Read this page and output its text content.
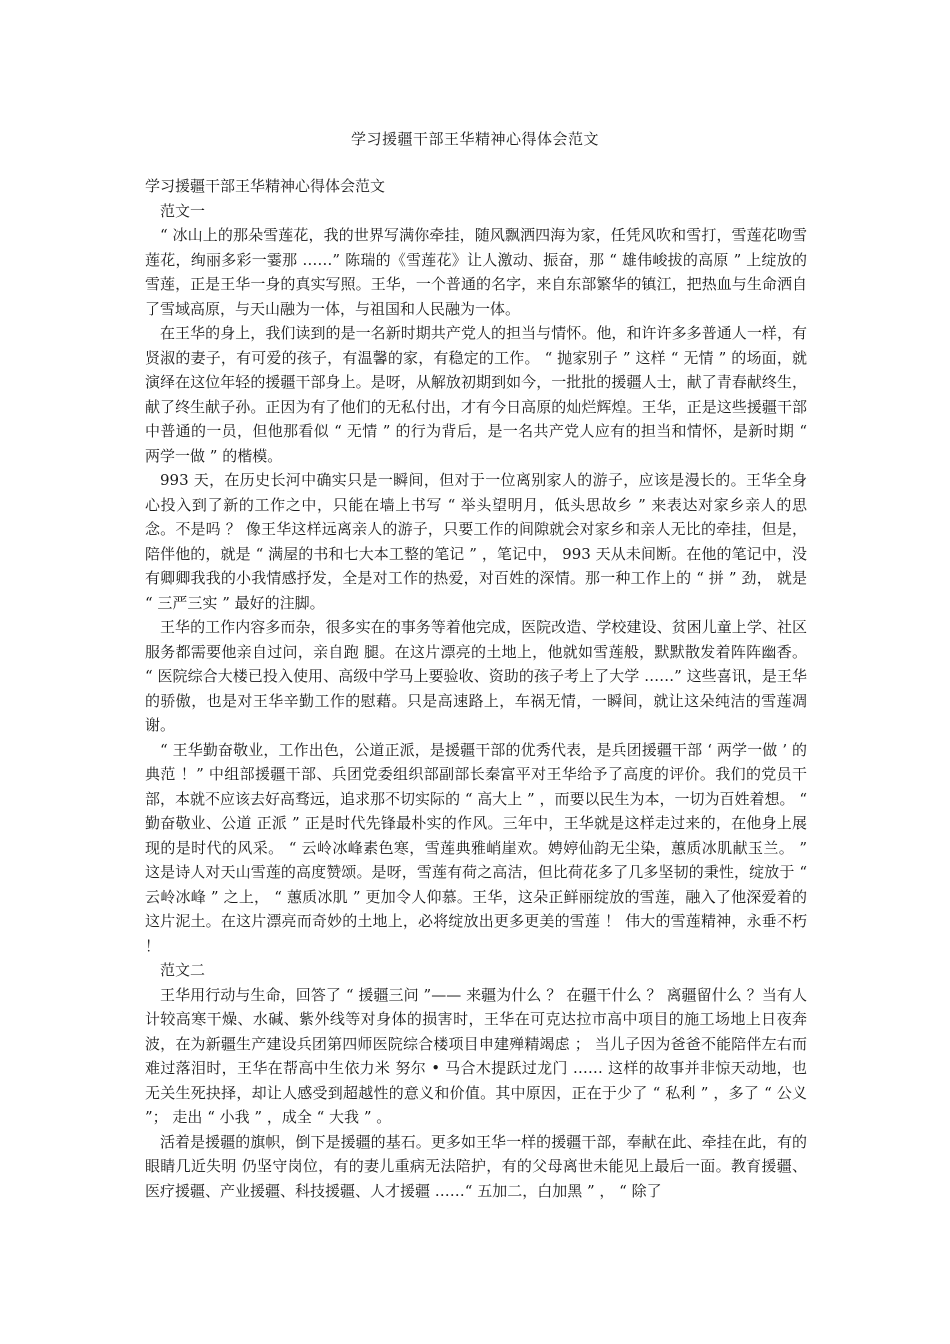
学习援疆干部王华精神心得体会范文

学习援疆干部王华精神心得体会范文

范文一

“ 冰山上的那朵雪莲花，我的世界写满你牵挂，随风飘洒四海为家，任凭风吹和雪打，雪莲花吻雪莲花，绚丽多彩一霎那 ……” 陈瑞的《雪莲花》让人激动、振奋，那 “ 雄伟峻拔的高原 ” 上绽放的雪莲，正是王华一身的真实写照。王华，一个普通的名字，来自东部繁华的镇江，把热血与生命洒自了雪域高原，与天山融为一体，与祖国和人民融为一体。

在王华的身上，我们读到的是一名新时期共产党人的担当与情怀。他，和许许多多普通人一样，有贤淑的妻子，有可爱的孩子，有温馨的家，有稳定的工作。 “ 抛家别子 ” 这样 “ 无情 ” 的场面，就演绎在这位年轻的援疆干部身上。是呀，从解放初期到如今，一批批的援疆人士，献了青春献终生，献了终生献子孙。正因为有了他们的无私付出，才有今日高原的灿烂辉煌。王华，正是这些援疆干部中普通的一员，但他那看似 “ 无情 ” 的行为背后，是一名共产党人应有的担当和情怀，是新时期 “ 两学一做 ” 的楷模。

993 天，在历史长河中确实只是一瞬间，但对于一位离别家人的游子，应该是漫长的。王华全身心投入到了新的工作之中，只能在墙上书写 “ 举头望明月，低头思故乡 ” 来表达对家乡亲人的思念。不是吗 ？ 像王华这样远离亲人的游子，只要工作的间隙就会对家乡和亲人无比的牵挂，但是，陪伴他的，就是 “ 满屋的书和七大本工整的笔记 ” ，笔记中， 993 天从未间断。在他的笔记中，没有卿卿我我的小我情感抒发，全是对工作的热爱，对百姓的深情。那一种工作上的 “ 拼 ” 劲， 就是 “ 三严三实 ” 最好的注脚。

王华的工作内容多而杂，很多实在的事务等着他完成，医院改造、学校建设、贫困儿童上学、社区服务都需要他亲自过问，亲自跑 腿。在这片漂亮的土地上，他就如雪莲般，默默散发着阵阵幽香。 “ 医院综合大楼已投入使用、高级中学马上要验收、资助的孩子考上了大学 ……” 这些喜讯，是王华的骄傲，也是对王华辛勤工作的慰藉。只是高速路上，车祸无情，一瞬间，就让这朵纯洁的雪莲凋谢。

“ 王华勤奋敬业，工作出色，公道正派，是援疆干部的优秀代表，是兵团援疆干部 ‘ 两学一做 ’ 的典范 ！” 中组部援疆干部、兵团党委组织部副部长秦富平对王华给予了高度的评价。我们的党员干部，本就不应该去好高骛远，追求那不切实际的 “ 高大上 ” ，而要以民生为本，一切为百姓着想。 “ 勤奋敬业、公道 正派 ” 正是时代先锋最朴实的作风。三年中，王华就是这样走过来的，在他身上展现的是时代的风采。 “ 云岭冰峰素色寒，雪莲典雅峭崖欢。娉婷仙韵无尘染，蕙质冰肌献玉兰。 ” 这是诗人对天山雪莲的高度赞颂。是呀，雪莲有荷之高洁，但比荷花多了几多坚韧的秉性，绽放于 “ 云岭冰峰 ” 之上， “ 蕙质冰肌 ” 更加令人仰慕。王华，这朵正鲜丽绽放的雪莲，融入了他深爱着的这片泥土。在这片漂亮而奇妙的土地上，必将绽放出更多更美的雪莲 ！ 伟大的雪莲精神，永垂不朽 ！

范文二

王华用行动与生命，回答了 “ 援疆三问 ”—— 来疆为什么 ？ 在疆干什么 ？ 离疆留什么 ？当有人计较高寒干燥、水碱、紫外线等对身体的损害时，王华在可克达拉市高中项目的施工场地上日夜奔波，在为新疆生产建设兵团第四师医院综合楼项目申建殚精竭虑 ； 当儿子因为爸爸不能陪伴左右而难过落泪时，王华在帮高中生依力米 努尔 • 马合木提跃过龙门 …… 这样的故事并非惊天动地，也无关生死抉择，却让人感受到超越性的意义和价值。其中原因，正在于少了 “ 私利 ” ，多了 “ 公义 ”； 走出 “ 小我 ” ，成全 “ 大我 ” 。

活着是援疆的旗帜，倒下是援疆的基石。更多如王华一样的援疆干部，奉献在此、牵挂在此，有的眼睛几近失明 仍坚守岗位，有的妻儿重病无法陪护，有的父母离世未能见上最后一面。教育援疆、医疗援疆、产业援疆、科技援疆、人才援疆 ……“ 五加二，白加黑 ” ， “ 除了
